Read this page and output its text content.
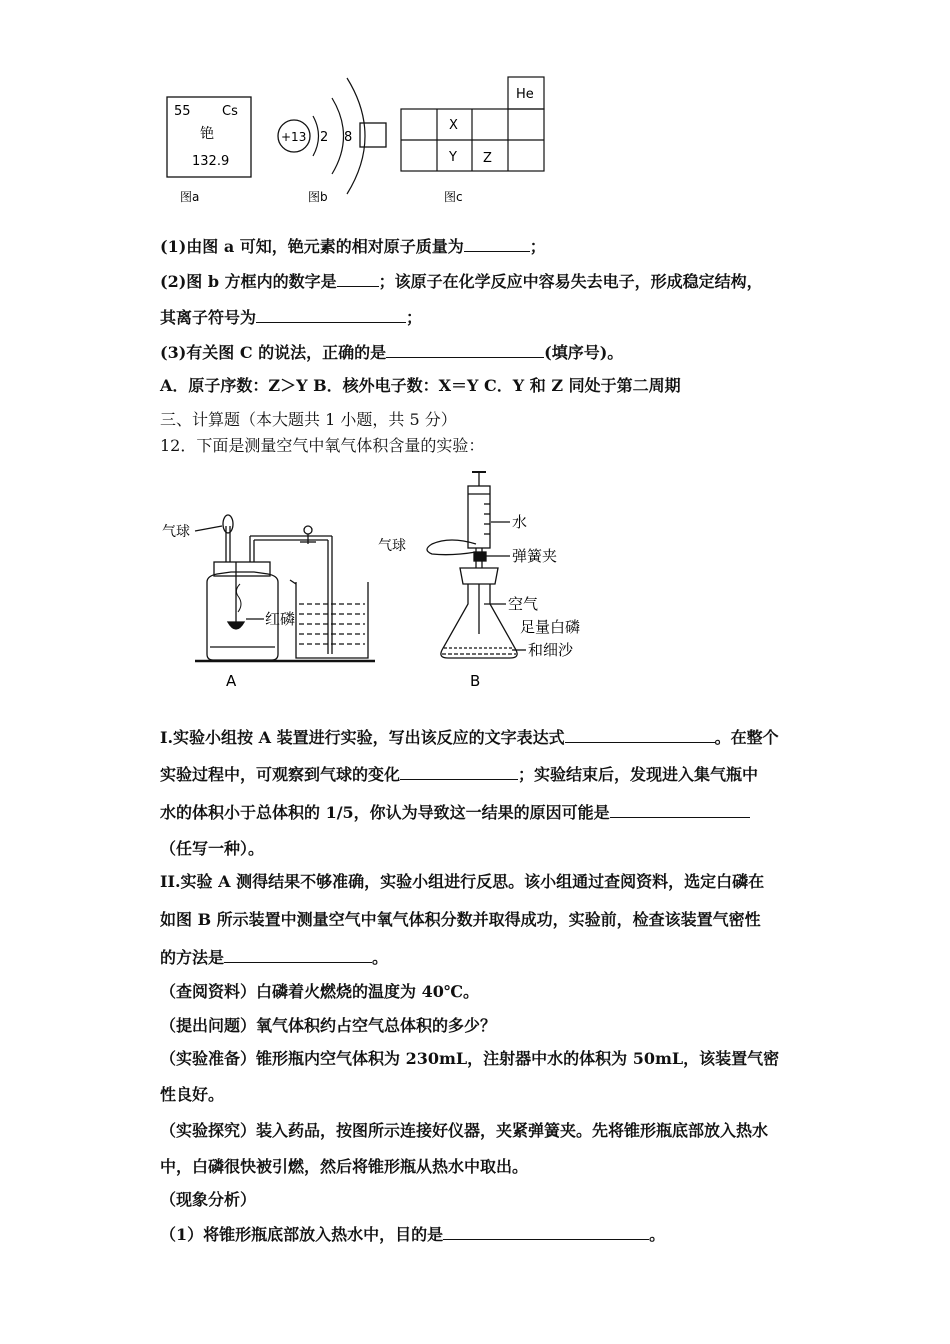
55 Cs
铯
132.9
图a
+13 2 8
图b
He
X
Y Z
图c
(1)由图 a 可知，铯元素的相对原子质量为	；
(2)图 b 方框内的数字是	；该原子在化学反应中容易失去电子，形成稳定结构，
其离子符号为	；
(3)有关图 C 的说法，正确的是	(填序号)。
A．原子序数：Z＞Y B．核外电子数：X＝Y C．Y 和 Z 同处于第二周期
三、计算题（本大题共 1 小题，共 5 分）
12．下面是测量空气中氧气体积含量的实验：
气球
红磷
A
水
气球
弹簧夹
空气
足量白磷
和细沙
B
I.实验小组按 A 装置进行实验，写出该反应的文字表达式	。在整个
实验过程中，可观察到气球的变化	；实验结束后，发现进入集气瓶中
水的体积小于总体积的 1/5，你认为导致这一结果的原因可能是
（任写一种）。
II.实验 A 测得结果不够准确，实验小组进行反思。该小组通过查阅资料，选定白磷在
如图 B 所示装置中测量空气中氧气体积分数并取得成功，实验前，检查该装置气密性
的方法是	。
（查阅资料）白磷着火燃烧的温度为 40℃。
（提出问题）氧气体积约占空气总体积的多少？
（实验准备）锥形瓶内空气体积为 230mL，注射器中水的体积为 50mL，该装置气密
性良好。
（实验探究）装入药品，按图所示连接好仪器，夹紧弹簧夹。先将锥形瓶底部放入热水
中，白磷很快被引燃，然后将锥形瓶从热水中取出。
（现象分析）
（1）将锥形瓶底部放入热水中，目的是	。
